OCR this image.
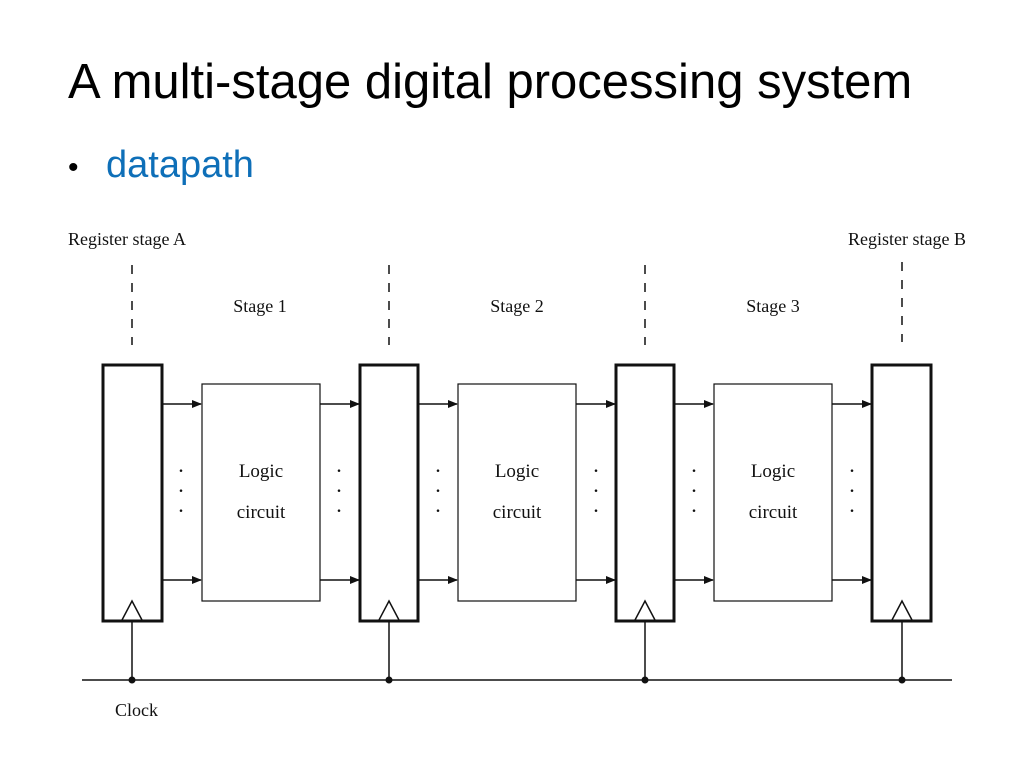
A multi-stage digital processing system
• datapath
Register stage A	Register stage B
Stage 1	Stage 2	Stage 3
Logic
circuit
Logic
circuit
Logic
circuit
.
.
.
.
.
.
.
.
.
.
.
.
.
.
.
.
.
.
Clock
